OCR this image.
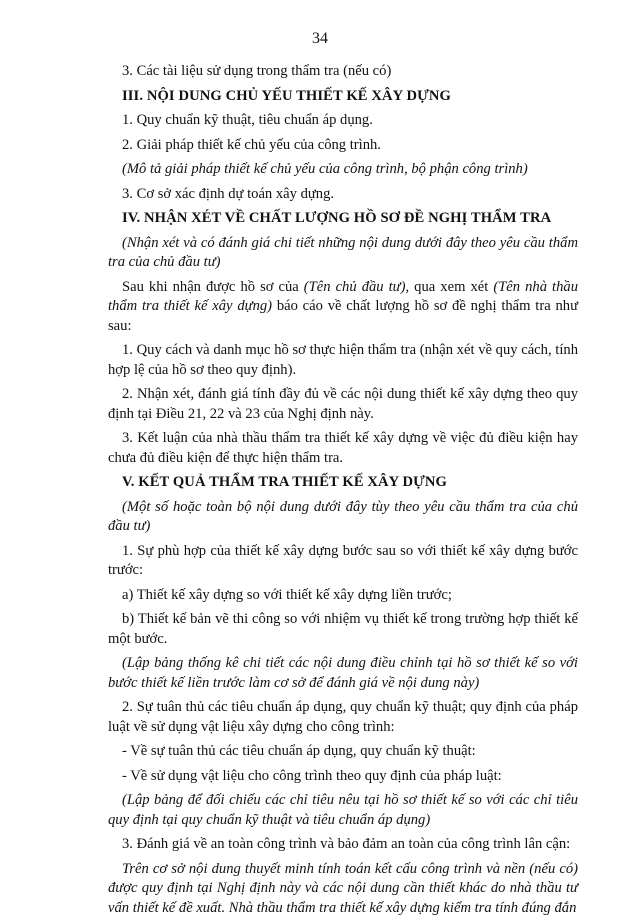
34

3. Các tài liệu sử dụng trong thẩm tra (nếu có)

III. NỘI DUNG CHỦ YẾU THIẾT KẾ XÂY DỰNG

1. Quy chuẩn kỹ thuật, tiêu chuẩn áp dụng.

2. Giải pháp thiết kế chủ yếu của công trình.

(Mô tả giải pháp thiết kế chủ yếu của công trình, bộ phận công trình)

3. Cơ sở xác định dự toán xây dựng.

IV. NHẬN XÉT VỀ CHẤT LƯỢNG HỒ SƠ ĐỀ NGHỊ THẨM TRA

(Nhận xét và có đánh giá chi tiết những nội dung dưới đây theo yêu cầu thẩm tra của chủ đầu tư)

Sau khi nhận được hồ sơ của (Tên chủ đầu tư), qua xem xét (Tên nhà thầu thẩm tra thiết kế xây dựng) báo cáo về chất lượng hồ sơ đề nghị thẩm tra như sau:

1. Quy cách và danh mục hồ sơ thực hiện thẩm tra (nhận xét về quy cách, tính hợp lệ của hồ sơ theo quy định).

2. Nhận xét, đánh giá tính đầy đủ về các nội dung thiết kế xây dựng theo quy định tại Điều 21, 22 và 23 của Nghị định này.

3. Kết luận của nhà thầu thẩm tra thiết kế xây dựng về việc đủ điều kiện hay chưa đủ điều kiện để thực hiện thẩm tra.

V. KẾT QUẢ THẨM TRA THIẾT KẾ XÂY DỰNG

(Một số hoặc toàn bộ nội dung dưới đây tùy theo yêu cầu thẩm tra của chủ đầu tư)

1. Sự phù hợp của thiết kế xây dựng bước sau so với thiết kế xây dựng bước trước:

a) Thiết kế xây dựng so với thiết kế xây dựng liền trước;

b) Thiết kế bản vẽ thi công so với nhiệm vụ thiết kế trong trường hợp thiết kế một bước.

(Lập bảng thống kê chi tiết các nội dung điều chỉnh tại hồ sơ thiết kế so với bước thiết kế liền trước làm cơ sở để đánh giá về nội dung này)

2. Sự tuân thủ các tiêu chuẩn áp dụng, quy chuẩn kỹ thuật; quy định của pháp luật về sử dụng vật liệu xây dựng cho công trình:

- Về sự tuân thủ các tiêu chuẩn áp dụng, quy chuẩn kỹ thuật:

- Về sử dụng vật liệu cho công trình theo quy định của pháp luật:

(Lập bảng để đối chiếu các chỉ tiêu nêu tại hồ sơ thiết kế so với các chỉ tiêu quy định tại quy chuẩn kỹ thuật và tiêu chuẩn áp dụng)

3. Đánh giá về an toàn công trình và bảo đảm an toàn của công trình lân cận:

Trên cơ sở nội dung thuyết minh tính toán kết cấu công trình và nền (nếu có) được quy định tại Nghị định này và các nội dung cần thiết khác do nhà thầu tư vấn thiết kế đề xuất. Nhà thầu thẩm tra thiết kế xây dựng kiểm tra tính đúng đắn
